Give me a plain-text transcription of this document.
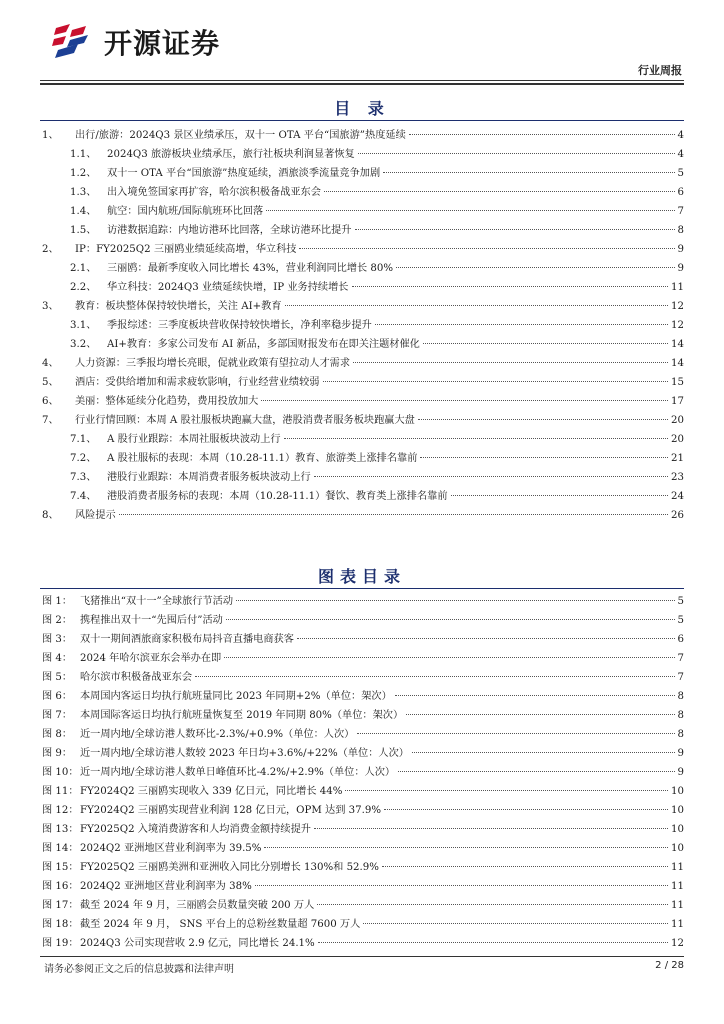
开源证券
行业周报
目 录
1、	出行/旅游：2024Q3 景区业绩承压，双十一 OTA 平台“国旅游”热度延续	4
1.1、	2024Q3 旅游板块业绩承压，旅行社板块利润显著恢复	4
1.2、	双十一 OTA 平台“国旅游”热度延续，酒旅淡季流量竞争加剧	5
1.3、	出入境免签国家再扩容，哈尔滨积极备战亚东会	6
1.4、	航空：国内航班/国际航班环比回落	7
1.5、	访港数据追踪：内地访港环比回落，全球访港环比提升	8
2、	IP：FY2025Q2 三丽鸥业绩延续高增，华立科技	9
2.1、	三丽鸥：最新季度收入同比增长 43%，营业利润同比增长 80%	9
2.2、	华立科技：2024Q3 业绩延续快增，IP 业务持续增长	11
3、	教育：板块整体保持较快增长，关注 AI+教育	12
3.1、	季报综述：三季度板块营收保持较快增长，净利率稳步提升	12
3.2、	AI+教育：多家公司发布 AI 新品，多部国财报发布在即关注题材催化	14
4、	人力资源：三季报均增长亮眼，促就业政策有望拉动人才需求	14
5、	酒店：受供给增加和需求疲软影响，行业经营业绩较弱	15
6、	美丽：整体延续分化趋势，费用投放加大	17
7、	行业行情回顾：本周 A 股社服板块跑赢大盘，港股消费者服务板块跑赢大盘	20
7.1、	A 股行业跟踪：本周社服板块波动上行	20
7.2、	A 股社服标的表现：本周（10.28-11.1）教育、旅游类上涨排名靠前	21
7.3、	港股行业跟踪：本周消费者服务板块波动上行	23
7.4、	港股消费者服务标的表现：本周（10.28-11.1）餐饮、教育类上涨排名靠前	24
8、	风险提示	26
图表目录
图 1： 飞猪推出“双十一”全球旅行节活动	5
图 2： 携程推出双十一“先囤后付”活动	5
图 3： 双十一期间酒旅商家积极布局抖音直播电商获客	6
图 4： 2024 年哈尔滨亚东会举办在即	7
图 5： 哈尔滨市积极备战亚东会	7
图 6： 本周国内客运日均执行航班量同比 2023 年同期+2%（单位：架次）	8
图 7： 本周国际客运日均执行航班量恢复至 2019 年同期 80%（单位：架次）	8
图 8： 近一周内地/全球访港人数环比-2.3%/+0.9%（单位：人次）	8
图 9： 近一周内地/全球访港人数较 2023 年日均+3.6%/+22%（单位：人次）	9
图 10： 近一周内地/全球访港人数单日峰值环比-4.2%/+2.9%（单位：人次）	9
图 11： FY2024Q2 三丽鸥实现收入 339 亿日元，同比增长 44%	10
图 12： FY2024Q2 三丽鸥实现营业利润 128 亿日元，OPM 达到 37.9%	10
图 13： FY2025Q2 入境消费游客和人均消费金额持续提升	10
图 14： 2024Q2 亚洲地区营业利润率为 39.5%	10
图 15： FY2025Q2 三丽鸥美洲和亚洲收入同比分别增长 130%和 52.9%	11
图 16： 2024Q2 亚洲地区营业利润率为 38%	11
图 17： 截至 2024 年 9 月，三丽鸥会员数量突破 200 万人	11
图 18： 截至 2024 年 9 月， SNS 平台上的总粉丝数量超 7600 万人	11
图 19： 2024Q3 公司实现营收 2.9 亿元，同比增长 24.1%	12
请务必参阅正文之后的信息披露和法律声明	2 / 28
